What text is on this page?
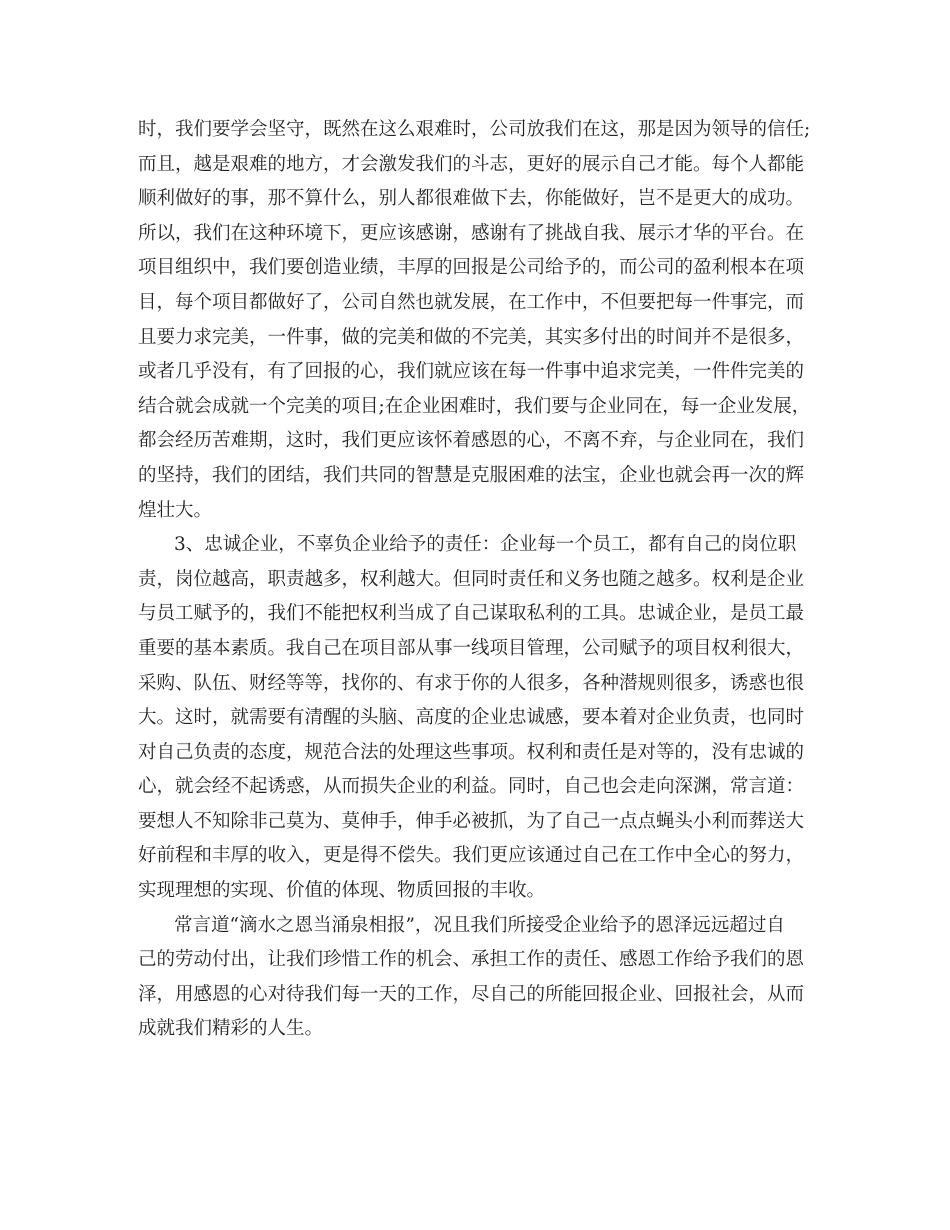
时，我们要学会坚守，既然在这么艰难时，公司放我们在这，那是因为领导的信任;
而且，越是艰难的地方，才会激发我们的斗志，更好的展示自己才能。每个人都能
顺利做好的事，那不算什么，别人都很难做下去，你能做好，岂不是更大的成功。
所以，我们在这种环境下，更应该感谢，感谢有了挑战自我、展示才华的平台。在
项目组织中，我们要创造业绩，丰厚的回报是公司给予的，而公司的盈利根本在项
目，每个项目都做好了，公司自然也就发展，在工作中，不但要把每一件事完，而
且要力求完美，一件事，做的完美和做的不完美，其实多付出的时间并不是很多，
或者几乎没有，有了回报的心，我们就应该在每一件事中追求完美，一件件完美的
结合就会成就一个完美的项目;在企业困难时，我们要与企业同在，每一企业发展，
都会经历苦难期，这时，我们更应该怀着感恩的心，不离不弃，与企业同在，我们
的坚持，我们的团结，我们共同的智慧是克服困难的法宝，企业也就会再一次的辉
煌壮大。
3、忠诚企业，不辜负企业给予的责任：企业每一个员工，都有自己的岗位职
责，岗位越高，职责越多，权利越大。但同时责任和义务也随之越多。权利是企业
与员工赋予的，我们不能把权利当成了自己谋取私利的工具。忠诚企业，是员工最
重要的基本素质。我自己在项目部从事一线项目管理，公司赋予的项目权利很大，
采购、队伍、财经等等，找你的、有求于你的人很多，各种潜规则很多，诱惑也很
大。这时，就需要有清醒的头脑、高度的企业忠诚感，要本着对企业负责，也同时
对自己负责的态度，规范合法的处理这些事项。权利和责任是对等的，没有忠诚的
心，就会经不起诱惑，从而损失企业的利益。同时，自己也会走向深渊，常言道：
要想人不知除非己莫为、莫伸手，伸手必被抓，为了自己一点点蝇头小利而葬送大
好前程和丰厚的收入，更是得不偿失。我们更应该通过自己在工作中全心的努力，
实现理想的实现、价值的体现、物质回报的丰收。
常言道“滴水之恩当涌泉相报”，况且我们所接受企业给予的恩泽远远超过自
己的劳动付出，让我们珍惜工作的机会、承担工作的责任、感恩工作给予我们的恩
泽，用感恩的心对待我们每一天的工作，尽自己的所能回报企业、回报社会，从而
成就我们精彩的人生。
